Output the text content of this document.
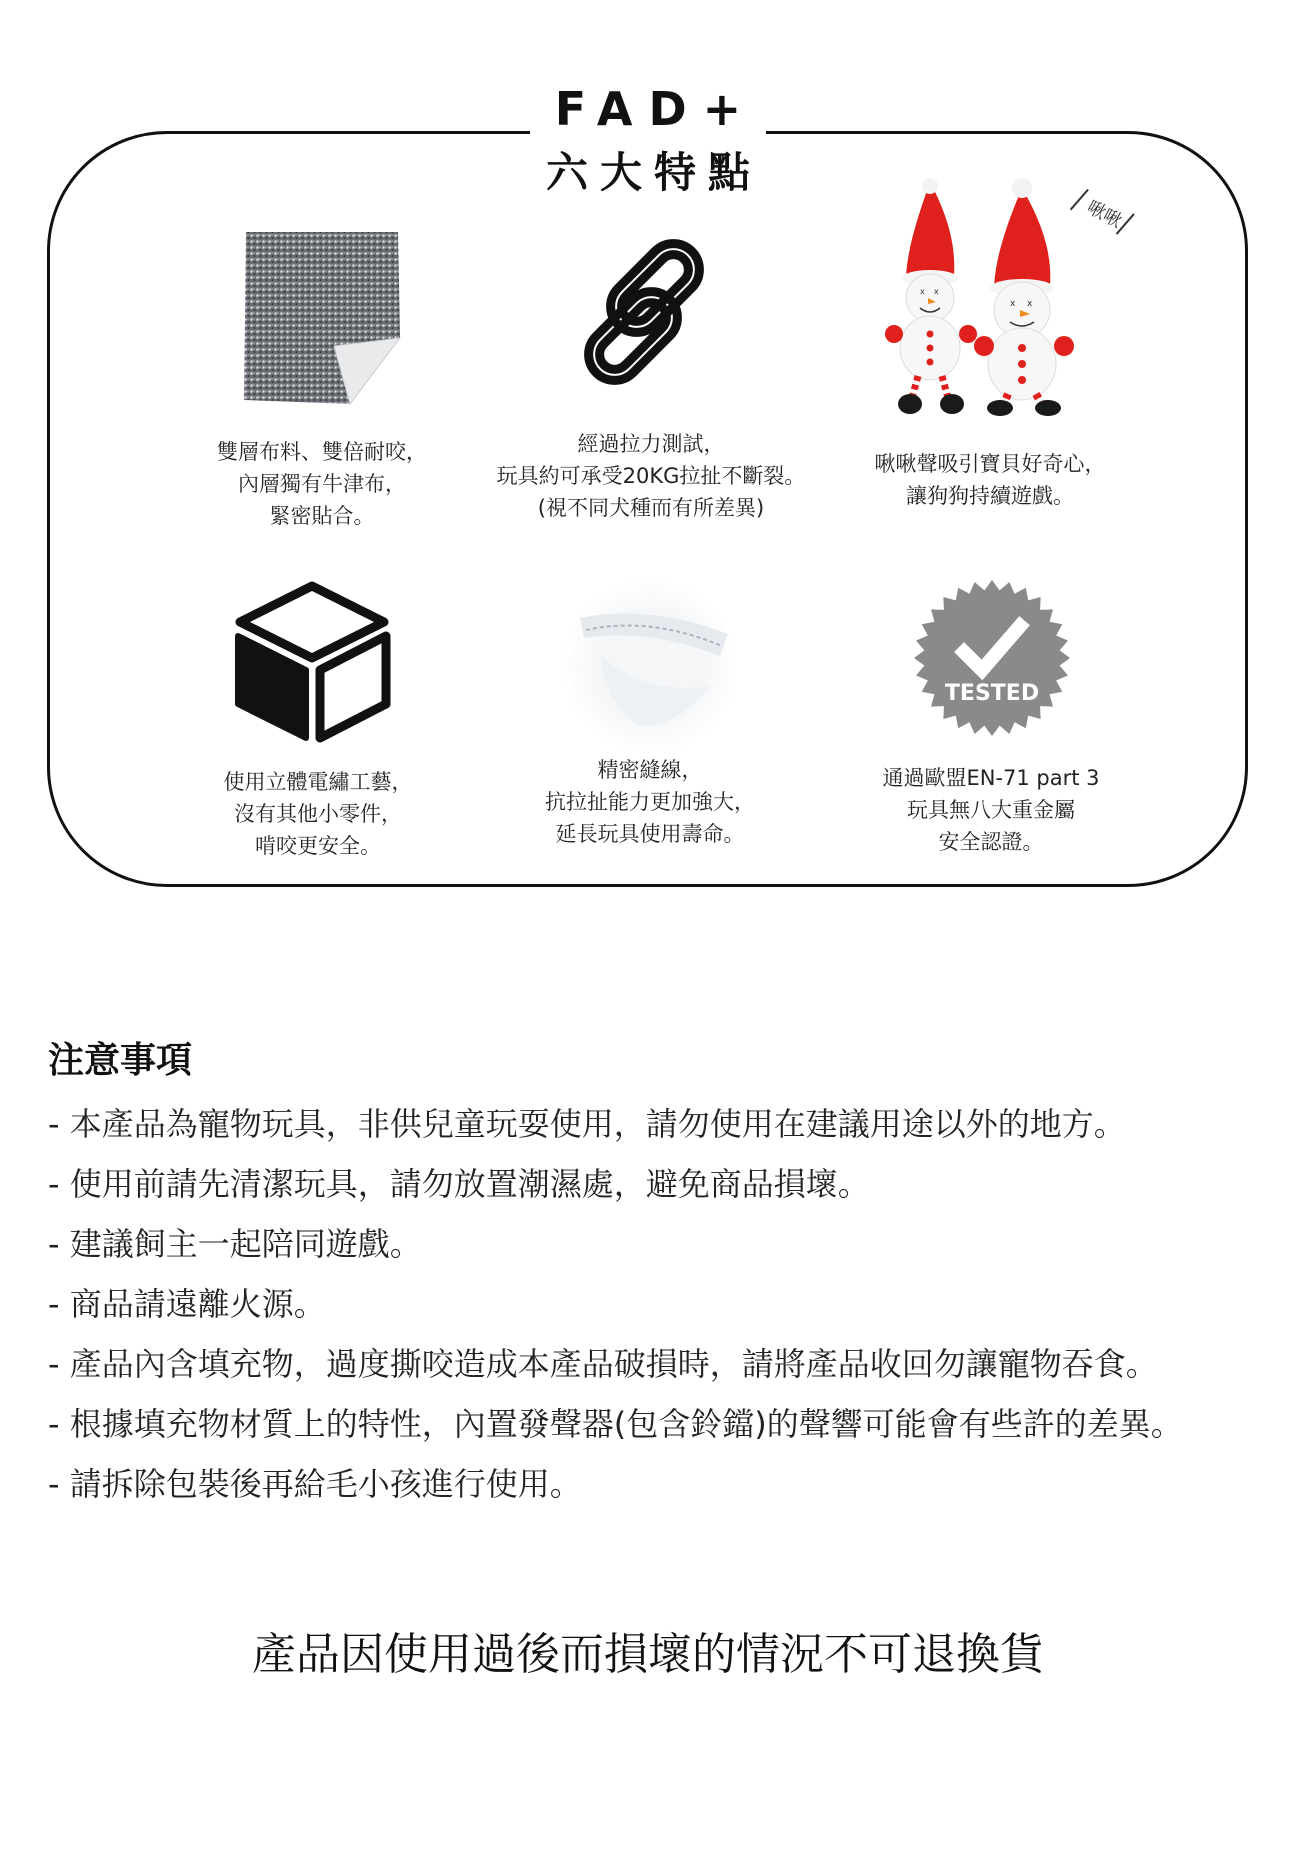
FAD+
六大特點
雙層布料、雙倍耐咬，
內層獨有牛津布，
緊密貼合。
經過拉力測試，
玩具約可承受20KG拉扯不斷裂。
(視不同犬種而有所差異)
x x
x x
啾啾
啾啾聲吸引寶貝好奇心，
讓狗狗持續遊戲。
使用立體電繡工藝，
沒有其他小零件，
啃咬更安全。
精密縫線，
抗拉扯能力更加強大，
延長玩具使用壽命。
TESTED
通過歐盟EN-71 part 3
玩具無八大重金屬
安全認證。
注意事項
- 本產品為寵物玩具，非供兒童玩耍使用，請勿使用在建議用途以外的地方。
- 使用前請先清潔玩具，請勿放置潮濕處，避免商品損壞。
- 建議飼主一起陪同遊戲。
- 商品請遠離火源。
- 產品內含填充物，過度撕咬造成本產品破損時，請將產品收回勿讓寵物吞食。
- 根據填充物材質上的特性，內置發聲器(包含鈴鐺)的聲響可能會有些許的差異。
- 請拆除包裝後再給毛小孩進行使用。
產品因使用過後而損壞的情況不可退換貨
